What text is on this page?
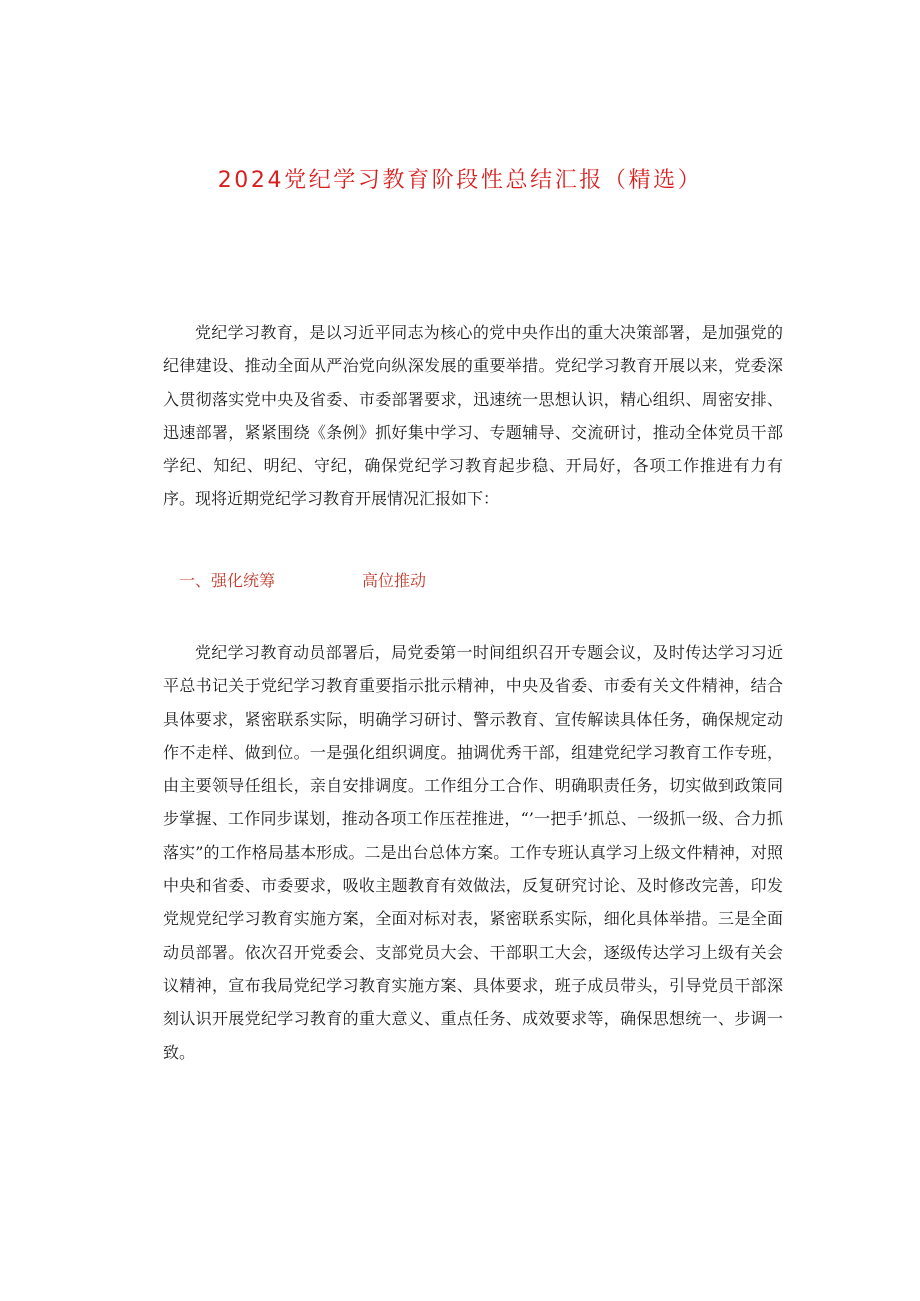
2024党纪学习教育阶段性总结汇报（精选）

党纪学习教育，是以习近平同志为核心的党中央作出的重大决策部署，是加强党的纪律建设、推动全面从严治党向纵深发展的重要举措。党纪学习教育开展以来，党委深入贯彻落实党中央及省委、市委部署要求，迅速统一思想认识，精心组织、周密安排、迅速部署，紧紧围绕《条例》抓好集中学习、专题辅导、交流研讨，推动全体党员干部学纪、知纪、明纪、守纪，确保党纪学习教育起步稳、开局好，各项工作推进有力有序。现将近期党纪学习教育开展情况汇报如下：

一、强化统筹	高位推动

党纪学习教育动员部署后，局党委第一时间组织召开专题会议，及时传达学习习近平总书记关于党纪学习教育重要指示批示精神，中央及省委、市委有关文件精神，结合具体要求，紧密联系实际，明确学习研讨、警示教育、宣传解读具体任务，确保规定动作不走样、做到位。一是强化组织调度。抽调优秀干部，组建党纪学习教育工作专班，由主要领导任组长，亲自安排调度。工作组分工合作、明确职责任务，切实做到政策同步掌握、工作同步谋划，推动各项工作压茬推进，“’一把手’抓总、一级抓一级、合力抓落实”的工作格局基本形成。二是出台总体方案。工作专班认真学习上级文件精神，对照中央和省委、市委要求，吸收主题教育有效做法，反复研究讨论、及时修改完善，印发党规党纪学习教育实施方案，全面对标对表，紧密联系实际，细化具体举措。三是全面动员部署。依次召开党委会、支部党员大会、干部职工大会，逐级传达学习上级有关会议精神，宣布我局党纪学习教育实施方案、具体要求，班子成员带头，引导党员干部深刻认识开展党纪学习教育的重大意义、重点任务、成效要求等，确保思想统一、步调一致。
